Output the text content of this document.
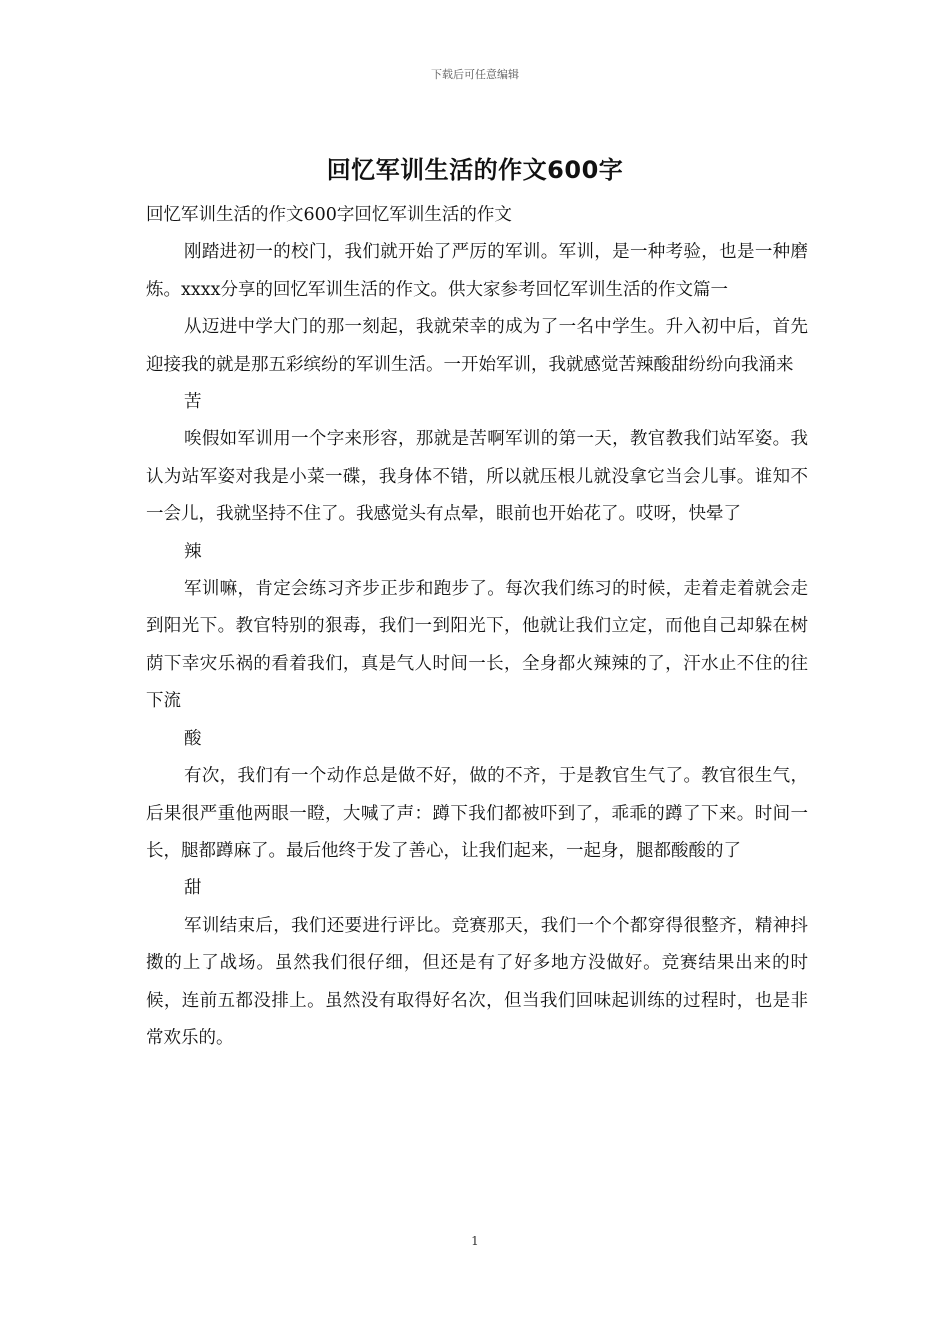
下载后可任意编辑
回忆军训生活的作文600字

回忆军训生活的作文600字回忆军训生活的作文

刚踏进初一的校门，我们就开始了严厉的军训。军训，是一种考验，也是一种磨炼。xxxx分享的回忆军训生活的作文。供大家参考回忆军训生活的作文篇一

从迈进中学大门的那一刻起，我就荣幸的成为了一名中学生。升入初中后，首先迎接我的就是那五彩缤纷的军训生活。一开始军训，我就感觉苦辣酸甜纷纷向我涌来

苦

唉假如军训用一个字来形容，那就是苦啊军训的第一天，教官教我们站军姿。我认为站军姿对我是小菜一碟，我身体不错，所以就压根儿就没拿它当会儿事。谁知不一会儿，我就坚持不住了。我感觉头有点晕，眼前也开始花了。哎呀，快晕了

辣

军训嘛，肯定会练习齐步正步和跑步了。每次我们练习的时候，走着走着就会走到阳光下。教官特别的狠毒，我们一到阳光下，他就让我们立定，而他自己却躲在树荫下幸灾乐祸的看着我们，真是气人时间一长，全身都火辣辣的了，汗水止不住的往下流

酸

有次，我们有一个动作总是做不好，做的不齐，于是教官生气了。教官很生气，后果很严重他两眼一瞪，大喊了声：蹲下我们都被吓到了，乖乖的蹲了下来。时间一长，腿都蹲麻了。最后他终于发了善心，让我们起来，一起身，腿都酸酸的了

甜

军训结束后，我们还要进行评比。竞赛那天，我们一个个都穿得很整齐，精神抖擞的上了战场。虽然我们很仔细，但还是有了好多地方没做好。竞赛结果出来的时候，连前五都没排上。虽然没有取得好名次，但当我们回味起训练的过程时，也是非常欢乐的。

1
